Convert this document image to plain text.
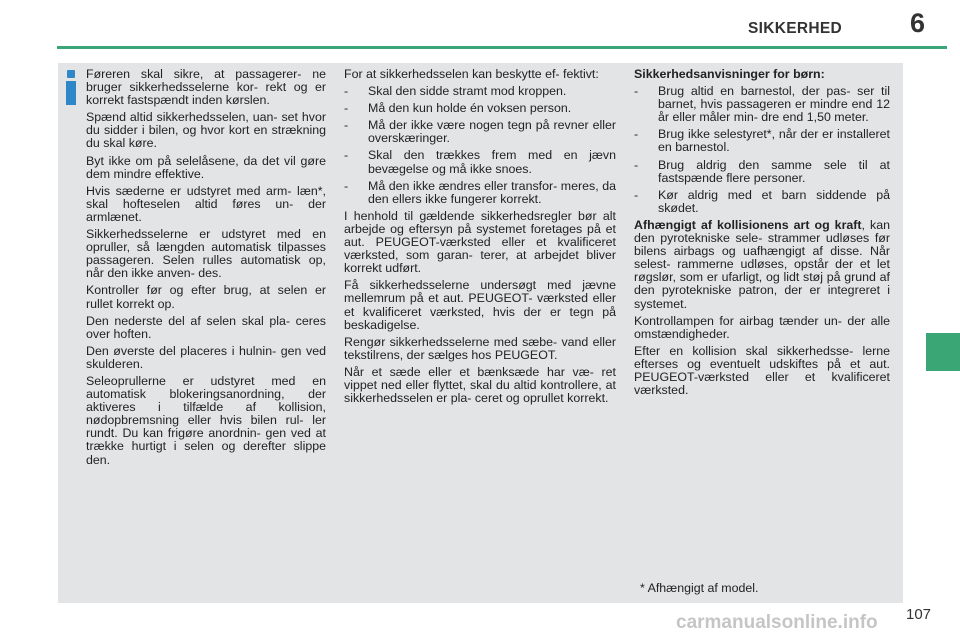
SIKKERHED	6

Føreren skal sikre, at passagerer- ne bruger sikkerhedsselerne kor- rekt og er korrekt fastspændt inden kørslen.

Spænd altid sikkerhedsselen, uan- set hvor du sidder i bilen, og hvor kort en strækning du skal køre.

Byt ikke om på selelåsene, da det vil gøre dem mindre effektive.

Hvis sæderne er udstyret med arm- læn*, skal hofteselen altid føres un- der armlænet.

Sikkerhedsselerne er udstyret med en opruller, så længden automatisk tilpasses passageren. Selen rulles automatisk op, når den ikke anven- des.

Kontroller før og efter brug, at selen er rullet korrekt op.

Den nederste del af selen skal pla- ceres over hoften.

Den øverste del placeres i hulnin- gen ved skulderen.

Seleoprullerne er udstyret med en automatisk blokeringsanordning, der aktiveres i tilfælde af kollision, nødopbremsning eller hvis bilen rul- ler rundt. Du kan frigøre anordnin- gen ved at trække hurtigt i selen og derefter slippe den.

For at sikkerhedsselen kan beskytte ef- fektivt:

- Skal den sidde stramt mod kroppen.
- Må den kun holde én voksen person.
- Må der ikke være nogen tegn på revner eller overskæringer.
- Skal den trækkes frem med en jævn bevægelse og må ikke snoes.
- Må den ikke ændres eller transfor- meres, da den ellers ikke fungerer korrekt.

I henhold til gældende sikkerhedsregler bør alt arbejde og eftersyn på systemet foretages på et aut. PEUGEOT-værksted eller et kvalificeret værksted, som garan- terer, at arbejdet bliver korrekt udført.

Få sikkerhedsselerne undersøgt med jævne mellemrum på et aut. PEUGEOT- værksted eller et kvalificeret værksted, hvis der er tegn på beskadigelse.

Rengør sikkerhedsselerne med sæbe- vand eller tekstilrens, der sælges hos PEUGEOT.

Når et sæde eller et bænksæde har væ- ret vippet ned eller flyttet, skal du altid kontrollere, at sikkerhedsselen er pla- ceret og oprullet korrekt.

Sikkerhedsanvisninger for børn:

- Brug altid en barnestol, der pas- ser til barnet, hvis passageren er mindre end 12 år eller måler min- dre end 1,50 meter.
- Brug ikke selestyret*, når der er installeret en barnestol.
- Brug aldrig den samme sele til at fastspænde flere personer.
- Kør aldrig med et barn siddende på skødet.

Afhængigt af kollisionens art og kraft, kan den pyrotekniske sele- strammer udløses før bilens airbags og uafhængigt af disse. Når selest- rammerne udløses, opstår der et let røgslør, som er ufarligt, og lidt støj på grund af den pyrotekniske patron, der er integreret i systemet.

Kontrollampen for airbag tænder un- der alle omstændigheder.

Efter en kollision skal sikkerhedsse- lerne efterses og eventuelt udskiftes på et aut. PEUGEOT-værksted eller et kvalificeret værksted.

* Afhængigt af model.
carmanualsonline.info 107
